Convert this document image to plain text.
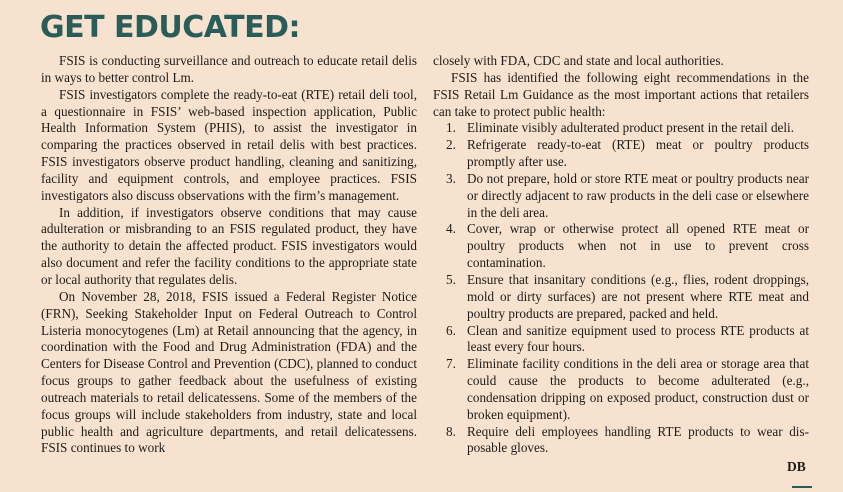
GET EDUCATED:

FSIS is conducting surveillance and outreach to educate retail delis in ways to better control Lm.

FSIS investigators complete the ready-to-eat (RTE) retail deli tool, a questionnaire in FSIS’ web-based inspection application, Public Health Information System (PHIS), to assist the investigator in comparing the practices observed in retail delis with best practices. FSIS investigators observe product handling, cleaning and sanitizing, facility and equipment controls, and employee practices. FSIS investigators also discuss observations with the firm’s management.

In addition, if investigators observe conditions that may cause adulteration or misbranding to an FSIS regulated product, they have the authority to detain the affected product. FSIS investigators would also document and refer the facility conditions to the appropriate state or local authority that regulates delis.

On November 28, 2018, FSIS issued a Federal Register Notice (FRN), Seeking Stakeholder Input on Federal Outreach to Control Listeria monocytogenes (Lm) at Retail announcing that the agency, in coordination with the Food and Drug Administration (FDA) and the Centers for Disease Control and Prevention (CDC), planned to conduct focus groups to gather feedback about the usefulness of existing outreach materials to retail delicatessens. Some of the members of the focus groups will include stakeholders from industry, state and local public health and agriculture departments, and retail delicatessens. FSIS continues to work

closely with FDA, CDC and state and local authorities.

FSIS has identified the following eight recommendations in the FSIS Retail Lm Guidance as the most important actions that retailers can take to protect public health:

1. Eliminate visibly adulterated product present in the retail deli.
2. Refrigerate ready-to-eat (RTE) meat or poultry products promptly after use.
3. Do not prepare, hold or store RTE meat or poultry products near or directly adjacent to raw products in the deli case or elsewhere in the deli area.
4. Cover, wrap or otherwise protect all opened RTE meat or poultry products when not in use to prevent cross contamination.
5. Ensure that insanitary conditions (e.g., flies, rodent droppings, mold or dirty surfaces) are not present where RTE meat and poultry products are prepared, packed and held.
6. Clean and sanitize equipment used to process RTE products at least every four hours.
7. Eliminate facility conditions in the deli area or storage area that could cause the products to become adulterated (e.g., condensation dripping on exposed product, construction dust or broken equipment).
8. Require deli employees handling RTE products to wear disposable gloves.
DB
